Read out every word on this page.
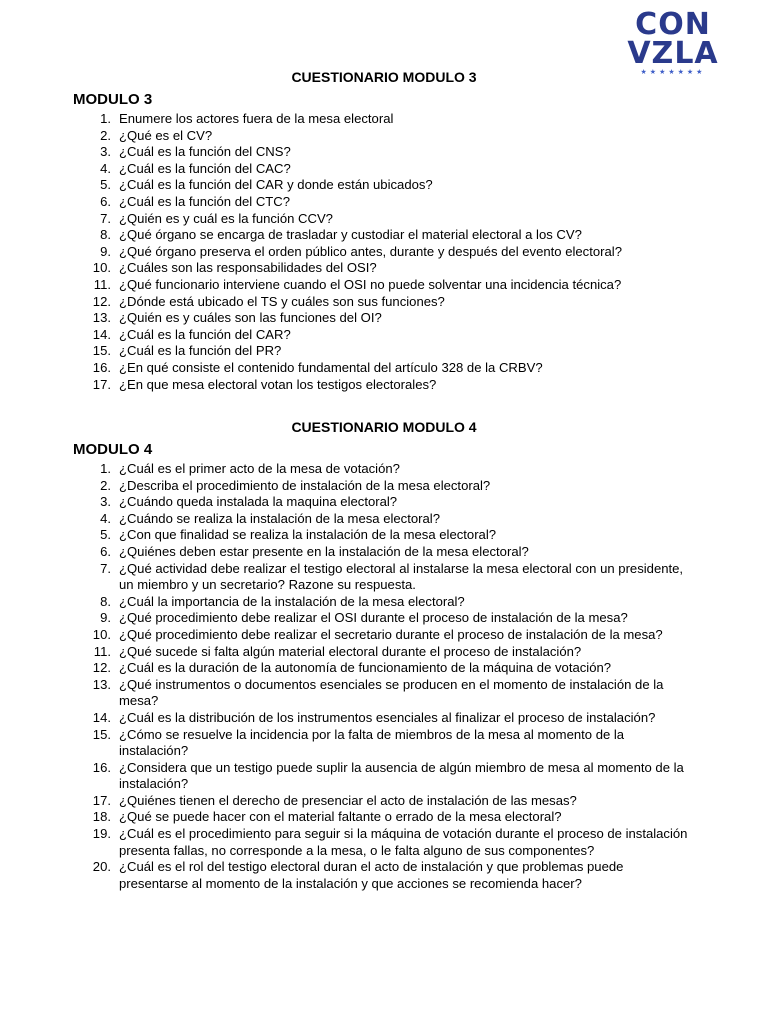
CON
VZLA
★★★★★★★
CUESTIONARIO MODULO 3
MODULO 3
1. Enumere los actores fuera de la mesa electoral
2. ¿Qué es el CV?
3. ¿Cuál es la función del CNS?
4. ¿Cuál es la función del CAC?
5. ¿Cuál es la función del CAR y donde están ubicados?
6. ¿Cuál es la función del CTC?
7. ¿Quién es y cuál es la función CCV?
8. ¿Qué órgano se encarga de trasladar y custodiar el material electoral a los CV?
9. ¿Qué órgano preserva el orden público antes, durante y después del evento electoral?
10. ¿Cuáles son las responsabilidades del OSI?
11. ¿Qué funcionario interviene cuando el OSI no puede solventar una incidencia técnica?
12. ¿Dónde está ubicado el TS y cuáles son sus funciones?
13. ¿Quién es y cuáles son las funciones del OI?
14. ¿Cuál es la función del CAR?
15. ¿Cuál es la función del PR?
16. ¿En qué consiste el contenido fundamental del artículo 328 de la CRBV?
17. ¿En que mesa electoral votan los testigos electorales?
CUESTIONARIO MODULO 4
MODULO 4
1. ¿Cuál es el primer acto de la mesa de votación?
2. ¿Describa el procedimiento de instalación de la mesa electoral?
3. ¿Cuándo queda instalada la maquina electoral?
4. ¿Cuándo se realiza la instalación de la mesa electoral?
5. ¿Con que finalidad se realiza la instalación de la mesa electoral?
6. ¿Quiénes deben estar presente en la instalación de la mesa electoral?
7. ¿Qué actividad debe realizar el testigo electoral al instalarse la mesa electoral con un presidente, un miembro y un secretario? Razone su respuesta.
8. ¿Cuál la importancia de la instalación de la mesa electoral?
9. ¿Qué procedimiento debe realizar el OSI durante el proceso de instalación de la mesa?
10. ¿Qué procedimiento debe realizar el secretario durante el proceso de instalación de la mesa?
11. ¿Qué sucede si falta algún material electoral durante el proceso de instalación?
12. ¿Cuál es la duración de la autonomía de funcionamiento de la máquina de votación?
13. ¿Qué instrumentos o documentos esenciales se producen en el momento de instalación de la mesa?
14. ¿Cuál es la distribución de los instrumentos esenciales al finalizar el proceso de instalación?
15. ¿Cómo se resuelve la incidencia por la falta de miembros de la mesa al momento de la instalación?
16. ¿Considera que un testigo puede suplir la ausencia de algún miembro de mesa al momento de la instalación?
17. ¿Quiénes tienen el derecho de presenciar el acto de instalación de las mesas?
18. ¿Qué se puede hacer con el material faltante o errado de la mesa electoral?
19. ¿Cuál es el procedimiento para seguir si la máquina de votación durante el proceso de instalación presenta fallas, no corresponde a la mesa, o le falta alguno de sus componentes?
20. ¿Cuál es el rol del testigo electoral duran el acto de instalación y que problemas puede presentarse al momento de la instalación y que acciones se recomienda hacer?
